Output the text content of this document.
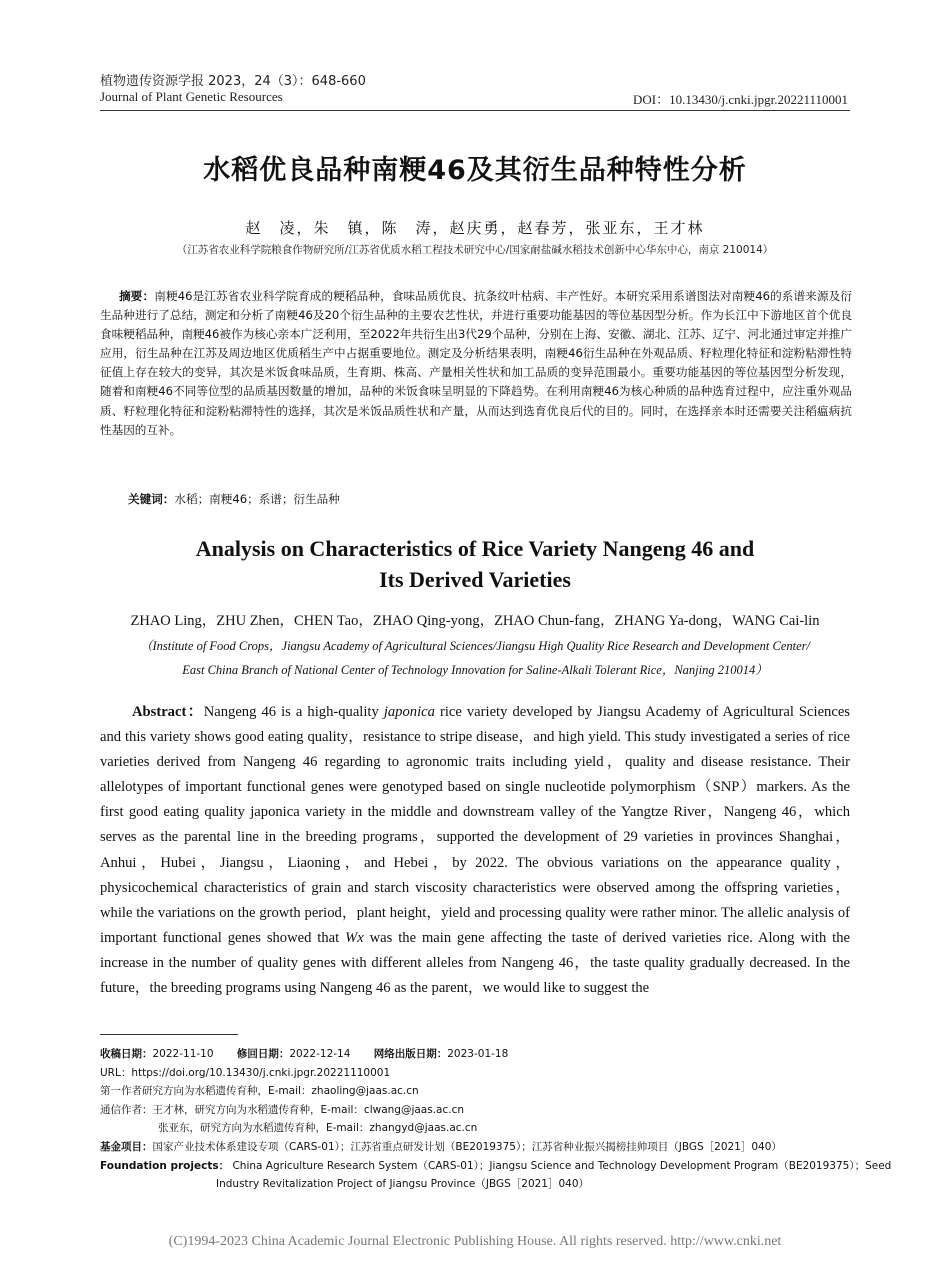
植物遗传资源学报 2023，24（3）：648-660
Journal of Plant Genetic Resources	DOI：10.13430/j.cnki.jpgr.20221110001
水稻优良品种南粳46及其衍生品种特性分析
赵　凌，朱　镇，陈　涛，赵庆勇，赵春芳，张亚东，王才林
（江苏省农业科学院粮食作物研究所/江苏省优质水稻工程技术研究中心/国家耐盐碱水稻技术创新中心华东中心，南京 210014）
摘要：南粳46是江苏省农业科学院育成的粳稻品种，食味品质优良、抗条纹叶枯病、丰产性好。本研究采用系谱图法对南粳46的系谱来源及衍生品种进行了总结，测定和分析了南粳46及20个衍生品种的主要农艺性状，并进行重要功能基因的等位基因型分析。作为长江中下游地区首个优良食味粳稻品种，南粳46被作为核心亲本广泛利用，至2022年共衍生出3代29个品种，分别在上海、安徽、湖北、江苏、辽宁、河北通过审定并推广应用，衍生品种在江苏及周边地区优质稻生产中占据重要地位。测定及分析结果表明，南粳46衍生品种在外观品质、籽粒理化特征和淀粉粘滞性特征值上存在较大的变异，其次是米饭食味品质，生育期、株高、产量相关性状和加工品质的变异范围最小。重要功能基因的等位基因型分析发现，随着和南粳46不同等位型的品质基因数量的增加，品种的米饭食味呈明显的下降趋势。在利用南粳46为核心种质的品种选育过程中，应注重外观品质、籽粒理化特征和淀粉粘滞特性的选择，其次是米饭品质性状和产量，从而达到选育优良后代的目的。同时，在选择亲本时还需要关注稻瘟病抗性基因的互补。
关键词：水稻；南粳46；系谱；衍生品种
Analysis on Characteristics of Rice Variety Nangeng 46 and
Its Derived Varieties
ZHAO Ling，ZHU Zhen，CHEN Tao，ZHAO Qing-yong，ZHAO Chun-fang，ZHANG Ya-dong，WANG Cai-lin
（Institute of Food Crops，Jiangsu Academy of Agricultural Sciences/Jiangsu High Quality Rice Research and Development Center/
East China Branch of National Center of Technology Innovation for Saline-Alkali Tolerant Rice，Nanjing 210014）

Abstract：Nangeng 46 is a high-quality japonica rice variety developed by Jiangsu Academy of Agricultural Sciences and this variety shows good eating quality，resistance to stripe disease，and high yield. This study investigated a series of rice varieties derived from Nangeng 46 regarding to agronomic traits including yield，quality and disease resistance. Their allelotypes of important functional genes were genotyped based on single nucleotide polymorphism（SNP）markers. As the first good eating quality japonica variety in the middle and downstream valley of the Yangtze River，Nangeng 46，which serves as the parental line in the breeding programs，supported the development of 29 varieties in provinces Shanghai，Anhui，Hubei，Jiangsu，Liaoning，and Hebei，by 2022. The obvious variations on the appearance quality，physicochemical characteristics of grain and starch viscosity characteristics were observed among the offspring varieties，while the variations on the growth period，plant height，yield and processing quality were rather minor. The allelic analysis of important functional genes showed that Wx was the main gene affecting the taste of derived varieties rice. Along with the increase in the number of quality genes with different alleles from Nangeng 46，the taste quality gradually decreased. In the future，the breeding programs using Nangeng 46 as the parent，we would like to suggest the

收稿日期：2022-11-10 修回日期：2022-12-14 网络出版日期：2023-01-18
URL：https://doi.org/10.13430/j.cnki.jpgr.20221110001
第一作者研究方向为水稻遗传育种，E-mail：zhaoling@jaas.ac.cn
通信作者：王才林，研究方向为水稻遗传育种，E-mail：clwang@jaas.ac.cn
张亚东，研究方向为水稻遗传育种，E-mail：zhangyd@jaas.ac.cn
基金项目：国家产业技术体系建设专项（CARS-01）；江苏省重点研发计划（BE2019375）；江苏省种业振兴揭榜挂帅项目（JBGS［2021］040）
Foundation projects： China Agriculture Research System（CARS-01）；Jiangsu Science and Technology Development Program（BE2019375）；Seed
Industry Revitalization Project of Jiangsu Province（JBGS［2021］040）
(C)1994-2023 China Academic Journal Electronic Publishing House. All rights reserved. http://www.cnki.net
